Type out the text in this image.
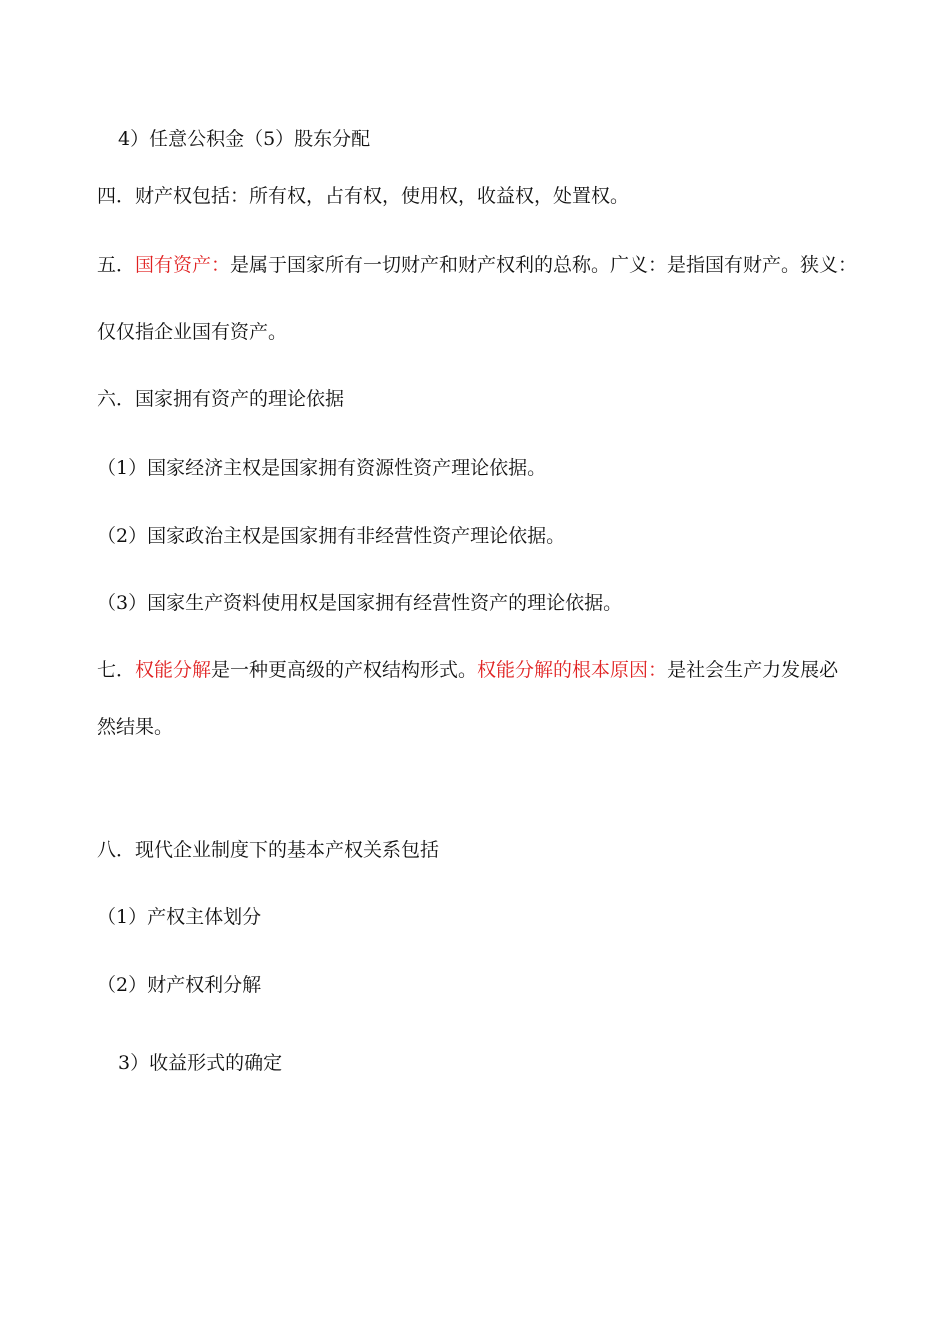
4）任意公积金（5）股东分配
四．财产权包括：所有权，占有权，使用权，收益权，处置权。
五．国有资产：是属于国家所有一切财产和财产权利的总称。广义：是指国有财产。狭义：
仅仅指企业国有资产。
六．国家拥有资产的理论依据
（1）国家经济主权是国家拥有资源性资产理论依据。
（2）国家政治主权是国家拥有非经营性资产理论依据。
（3）国家生产资料使用权是国家拥有经营性资产的理论依据。
七．权能分解是一种更高级的产权结构形式。权能分解的根本原因：是社会生产力发展必
然结果。
八．现代企业制度下的基本产权关系包括
（1）产权主体划分
（2）财产权利分解
3）收益形式的确定
